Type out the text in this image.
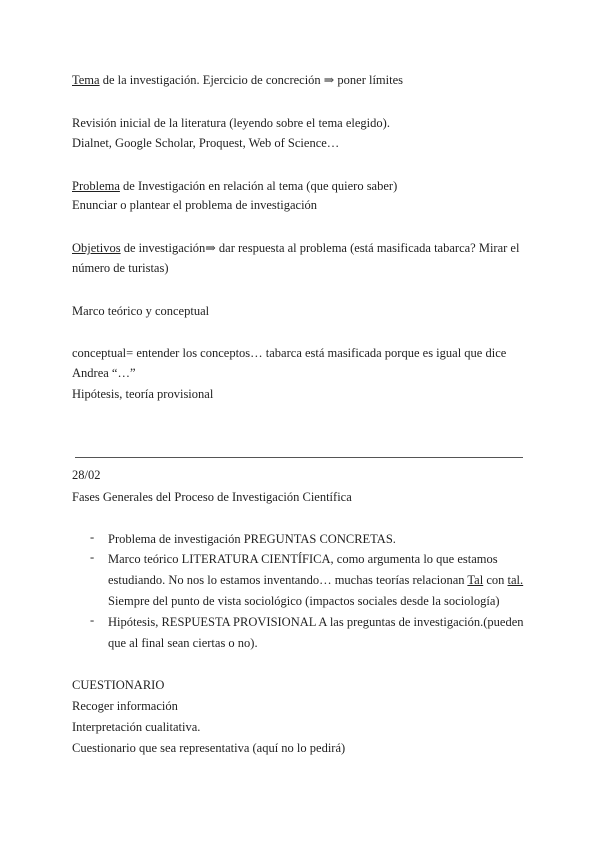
Tema de la investigación. Ejercicio de concreción ⇒ poner límites
Revisión inicial de la literatura (leyendo sobre el tema elegido).
Dialnet, Google Scholar, Proquest, Web of Science…
Problema de Investigación en relación al tema (que quiero saber)
Enunciar o plantear el problema de investigación
Objetivos de investigación⇒ dar respuesta al problema (está masificada tabarca? Mirar el
número de turistas)
Marco teórico y conceptual
conceptual= entender los conceptos… tabarca está masificada porque es igual que dice
Andrea “…”
Hipótesis, teoría provisional
28/02
Fases Generales del Proceso de Investigación Científica
- Problema de investigación PREGUNTAS CONCRETAS.
- Marco teórico LITERATURA CIENTÍFICA, como argumenta lo que estamos
estudiando. No nos lo estamos inventando… muchas teorías relacionan Tal con tal.
Siempre del punto de vista sociológico (impactos sociales desde la sociología)
- Hipótesis, RESPUESTA PROVISIONAL A las preguntas de investigación.(pueden
que al final sean ciertas o no).
CUESTIONARIO
Recoger información
Interpretación cualitativa.
Cuestionario que sea representativa (aquí no lo pedirá)
